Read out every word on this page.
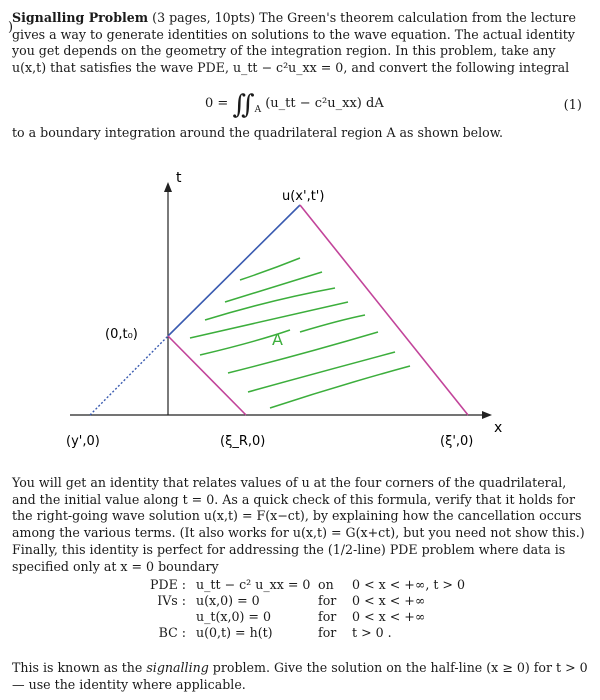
)
Signalling Problem (3 pages, 10pts) The Green's theorem calculation from the lecture gives a way to generate identities on solutions to the wave equation. The actual identity you get depends on the geometry of the integration region. In this problem, take any u(x,t) that satisfies the wave PDE, u_tt − c²u_xx = 0, and convert the following integral
$0 = ∬_A$ (u_tt − c²u_xx) dA	(1)
to a boundary integration around the quadrilateral region A as shown below.
t
x
u(x',t')
(0,t₀)	A
(y',0)	(ξ_R,0)	(ξ',0)
You will get an identity that relates values of u at the four corners of the quadrilateral, and the initial value along t = 0. As a quick check of this formula, verify that it holds for the right-going wave solution u(x,t) = F(x−ct), by explaining how the cancellation occurs among the various terms. (It also works for u(x,t) = G(x+ct), but you need not show this.)
Finally, this identity is perfect for addressing the (1/2-line) PDE problem where data is specified only at x = 0 boundary
PDE : u_tt − c² u_xx = 0 on 0 < x < +∞, t > 0
IVs : u(x,0) = 0	for 0 < x < +∞
u_t(x,0) = 0	for 0 < x < +∞
BC : u(0,t) = h(t)	for t > 0 .
This is known as the signalling problem. Give the solution on the half-line (x ≥ 0) for t > 0 — use the identity where applicable.
